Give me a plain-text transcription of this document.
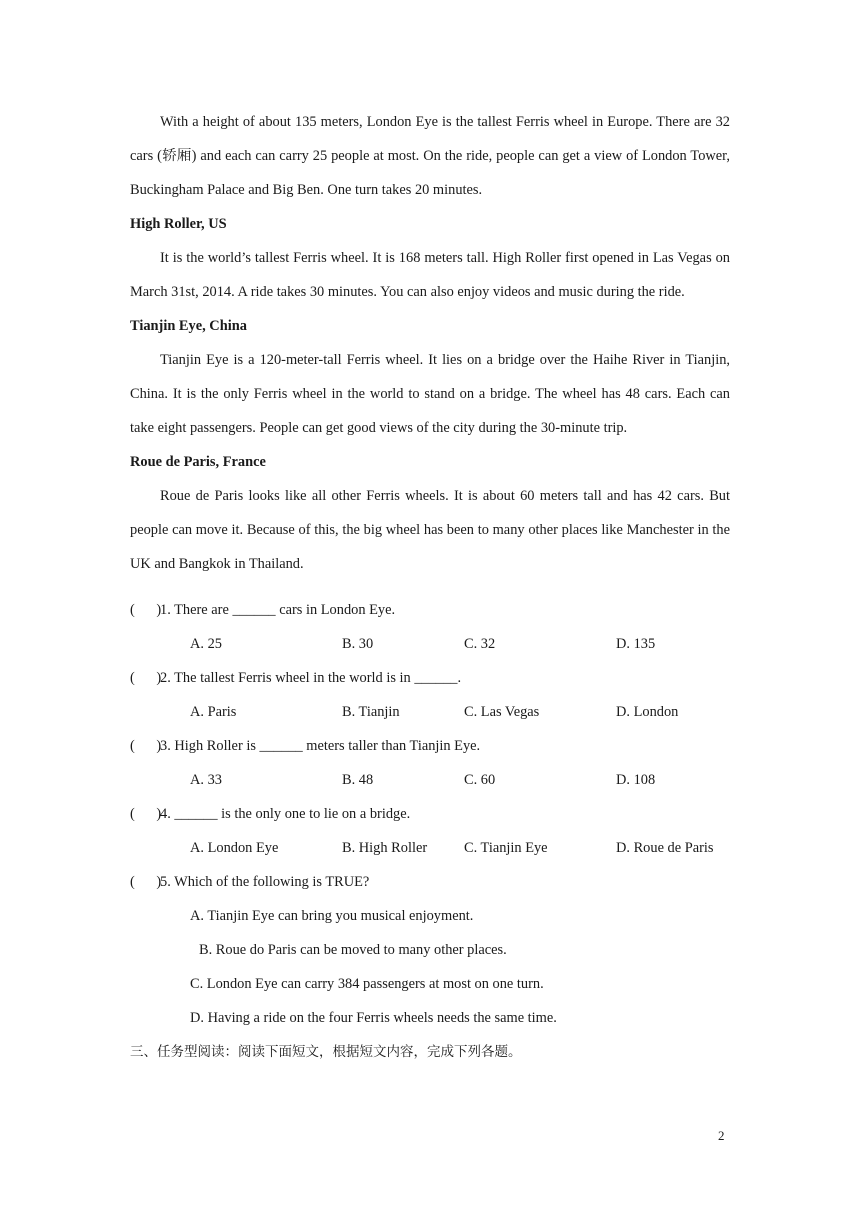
With a height of about 135 meters, London Eye is the tallest Ferris wheel in Europe. There are 32 cars (轿厢) and each can carry 25 people at most. On the ride, people can get a view of London Tower, Buckingham Palace and Big Ben. One turn takes 20 minutes.

High Roller, US

It is the world’s tallest Ferris wheel. It is 168 meters tall. High Roller first opened in Las Vegas on March 31st, 2014. A ride takes 30 minutes. You can also enjoy videos and music during the ride.

Tianjin Eye, China

Tianjin Eye is a 120-meter-tall Ferris wheel. It lies on a bridge over the Haihe River in Tianjin, China. It is the only Ferris wheel in the world to stand on a bridge. The wheel has 48 cars. Each can take eight passengers. People can get good views of the city during the 30-minute trip.

Roue de Paris, France

Roue de Paris looks like all other Ferris wheels. It is about 60 meters tall and has 42 cars. But people can move it. Because of this, the big wheel has been to many other places like Manchester in the UK and Bangkok in Thailand.

(      )
1. There are ______ cars in London Eye.
A. 25	B. 30	C. 32	D. 135
(      )
2. The tallest Ferris wheel in the world is in ______.
A. Paris	B. Tianjin	C. Las Vegas	D. London
(      )
3. High Roller is ______ meters taller than Tianjin Eye.
A. 33	B. 48	C. 60	D. 108
(      )
4. ______ is the only one to lie on a bridge.
A. London Eye	B. High Roller	C. Tianjin Eye	D. Roue de Paris
(      )
5. Which of the following is TRUE?
A. Tianjin Eye can bring you musical enjoyment.
B. Roue do Paris can be moved to many other places.
C. London Eye can carry 384 passengers at most on one turn.
D. Having a ride on the four Ferris wheels needs the same time.
三、任务型阅读：阅读下面短文，根据短文内容，完成下列各题。
2
